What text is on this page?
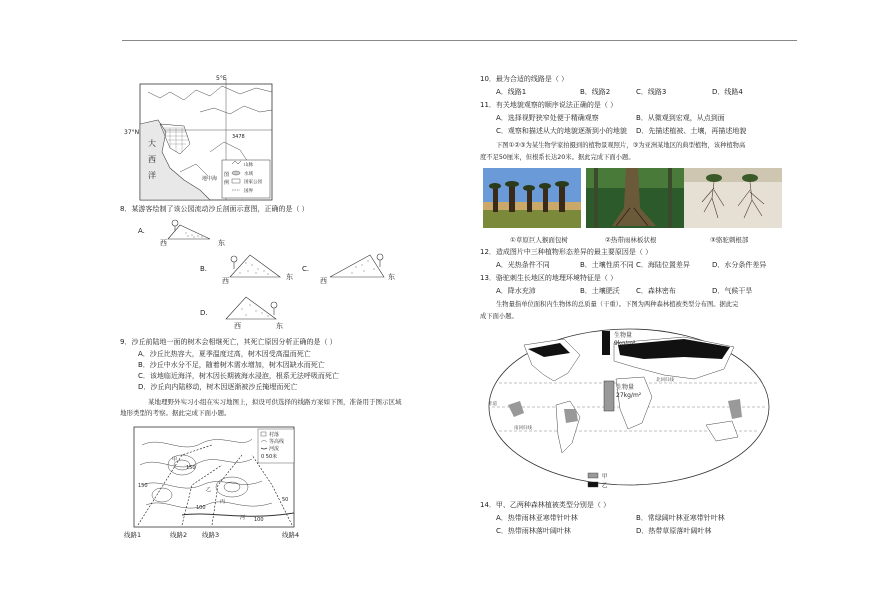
5°E
37°N
3478
大
西
洋	地中海
图
例
山脉
水域
国家公园
国界
8．某游客绘制了该公园流动沙丘剖面示意图，正确的是（ ）
A.
西	东
B.
西	东
C.
西	东
D.
西	东
9．沙丘前陆地一面的树木会相继死亡，其死亡原因分析正确的是（ ）
A．沙丘比热容大，夏季温度过高，树木因受高温而死亡
B．沙丘中水分不足，随着树木需水增加，树木因缺水而死亡
C．该地临近海洋，树木因长期被海水浸泡，根系无法呼吸而死亡
D．沙丘向内陆移动，树木因逐渐被沙丘掩埋而死亡
某地理野外实习小组在实习地图上，拟设可供选择的线路方案如下图，准备用于图示区域
地形类型的考察。据此完成下面小题。
村落
等高线
河流
0 50米
150
150
100
100
50
甲
乙
丙
河
线路1	线路2 线路3	线路4
10．最为合适的线路是（ ）
A．线路1	B．线路2	C．线路3	D．线路4
11．有关地貌观察的顺序说法正确的是（ ）
A．选择视野狭窄处便于精确观察	B．从微观到宏观，从点到面
C．观察和描述从大的地貌逐渐到小的地貌 D．先描述植被、土壤，再描述地貌
下图①②③为某生物学家拍摄到的植物景观照片，③为亚洲某地区的典型植物，该种植物高
度不足50厘米，但根系长达20米。据此完成下面小题。
①草原巨人猴面包树	②热带雨林板状根	③骆驼刺根部
12．造成图片中三种植物形态差异的最主要原因是（ ）
A．光热条件不同	B．土壤性质不同 C．海陆位置差异	D．水分条件差异
13．骆驼刺生长地区的地理环境特征是（ ）
A．降水充沛	B．土壤肥沃 C．森林密布	D．气候干旱
生物量指单位面积内生物体的总质量（干重）。下图为两种森林植被类型分布图。据此完
成下面小题。
生物量
9kg/m²
生物量
27kg/m²
北回归线
赤道
南回归线
甲
乙
14．甲、乙两种森林植被类型分别是（ ）
A．热带雨林亚寒带针叶林	B．常绿阔叶林亚寒带针叶林
C．热带雨林落叶阔叶林	D．热带草原落叶阔叶林
